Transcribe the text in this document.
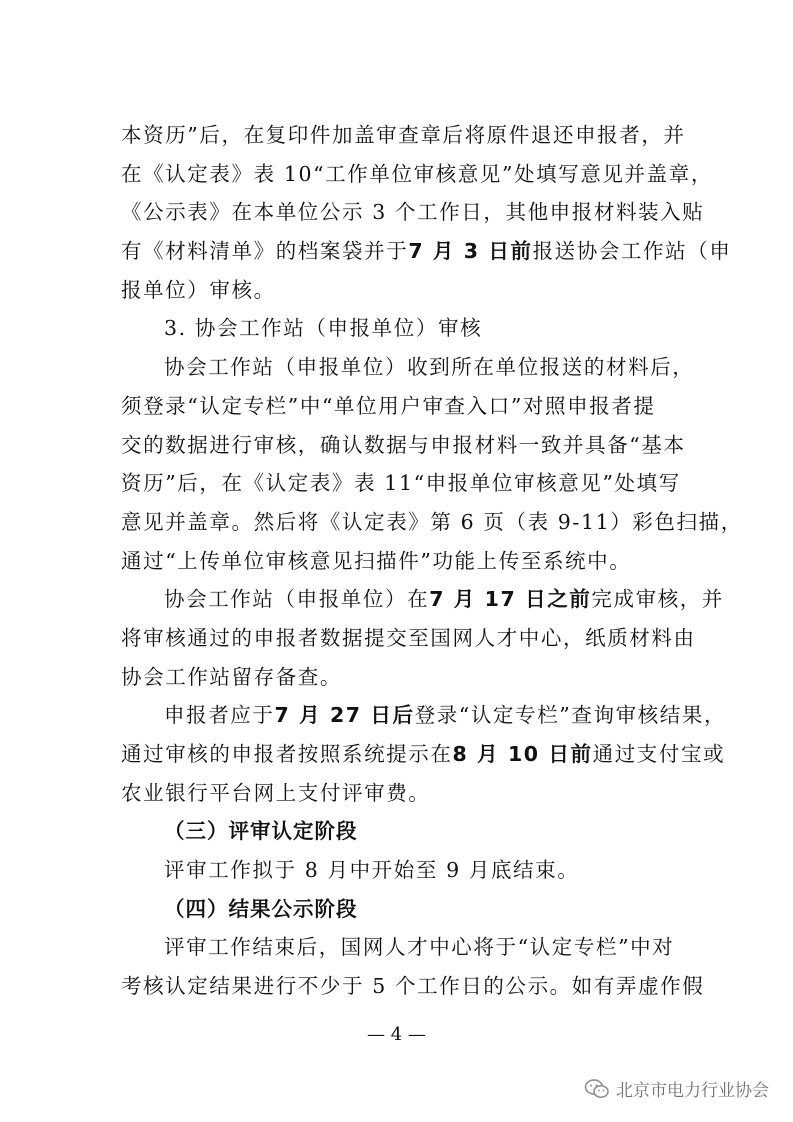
本资历”后，在复印件加盖审查章后将原件退还申报者，并
在《认定表》表 10“工作单位审核意见”处填写意见并盖章，
《公示表》在本单位公示 3 个工作日，其他申报材料装入贴
有《材料清单》的档案袋并于7 月 3 日前报送协会工作站（申
报单位）审核。
3. 协会工作站（申报单位）审核
协会工作站（申报单位）收到所在单位报送的材料后，
须登录“认定专栏”中“单位用户审查入口”对照申报者提
交的数据进行审核，确认数据与申报材料一致并具备“基本
资历”后，在《认定表》表 11“申报单位审核意见”处填写
意见并盖章。然后将《认定表》第 6 页（表 9-11）彩色扫描，
通过“上传单位审核意见扫描件”功能上传至系统中。
协会工作站（申报单位）在7 月 17 日之前完成审核，并
将审核通过的申报者数据提交至国网人才中心，纸质材料由
协会工作站留存备查。
申报者应于7 月 27 日后登录“认定专栏”查询审核结果，
通过审核的申报者按照系统提示在8 月 10 日前通过支付宝或
农业银行平台网上支付评审费。
（三）评审认定阶段
评审工作拟于 8 月中开始至 9 月底结束。
（四）结果公示阶段
评审工作结束后，国网人才中心将于“认定专栏”中对
考核认定结果进行不少于 5 个工作日的公示。如有弄虚作假
— 4 —
北京市电力行业协会
